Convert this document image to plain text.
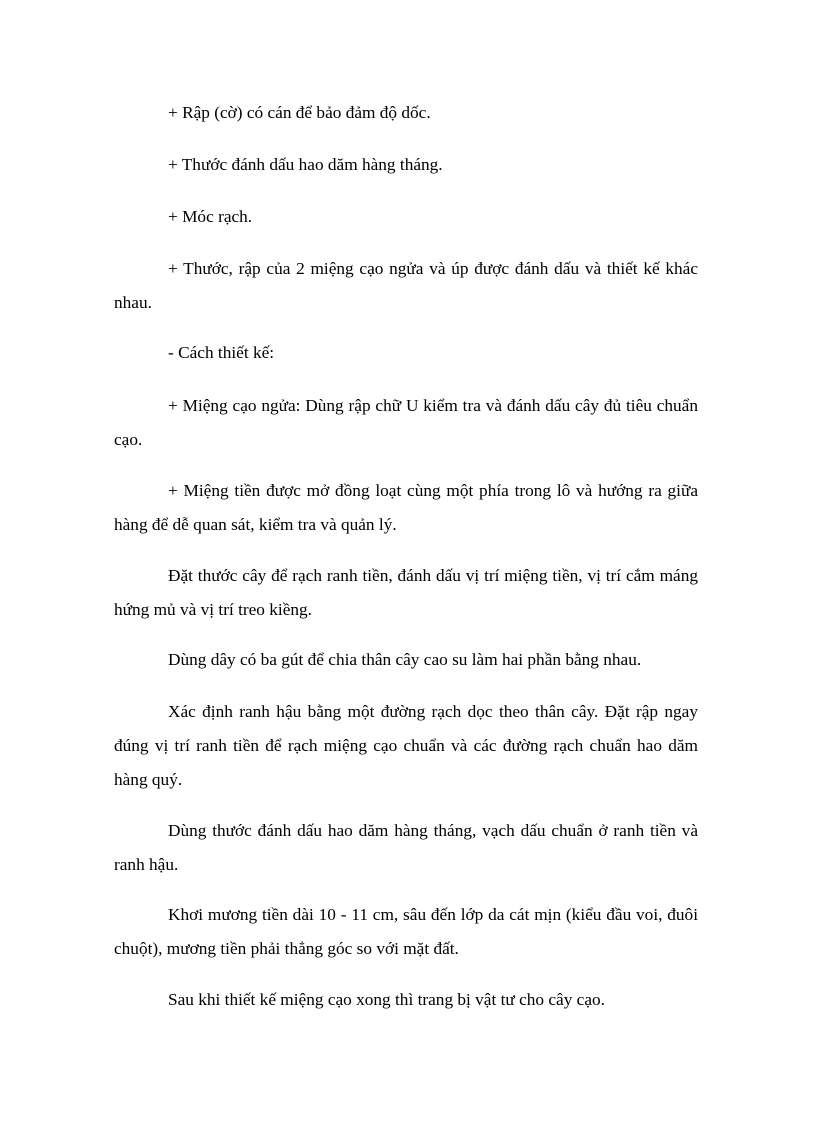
+ Rập (cờ) có cán để bảo đảm độ dốc.

+ Thước đánh dấu hao dăm hàng tháng.

+ Móc rạch.

+ Thước, rập của 2 miệng cạo ngửa và úp được đánh dấu và thiết kế khác nhau.

- Cách thiết kế:

+ Miệng cạo ngửa: Dùng rập chữ U kiểm tra và đánh dấu cây đủ tiêu chuẩn cạo.

+ Miệng tiền được mở đồng loạt cùng một phía trong lô và hướng ra giữa hàng để dễ quan sát, kiểm tra và quản lý.

Đặt thước cây để rạch ranh tiền, đánh dấu vị trí miệng tiền, vị trí cắm máng hứng mủ và vị trí treo kiềng.

Dùng dây có ba gút để chia thân cây cao su làm hai phần bằng nhau.

Xác định ranh hậu bằng một đường rạch dọc theo thân cây. Đặt rập ngay đúng vị trí ranh tiền để rạch miệng cạo chuẩn và các đường rạch chuẩn hao dăm hàng quý.

Dùng thước đánh dấu hao dăm hàng tháng, vạch dấu chuẩn ở ranh tiền và ranh hậu.

Khơi mương tiền dài 10 - 11 cm, sâu đến lớp da cát mịn (kiểu đầu voi, đuôi chuột), mương tiền phải thẳng góc so với mặt đất.

Sau khi thiết kế miệng cạo xong thì trang bị vật tư cho cây cạo.
